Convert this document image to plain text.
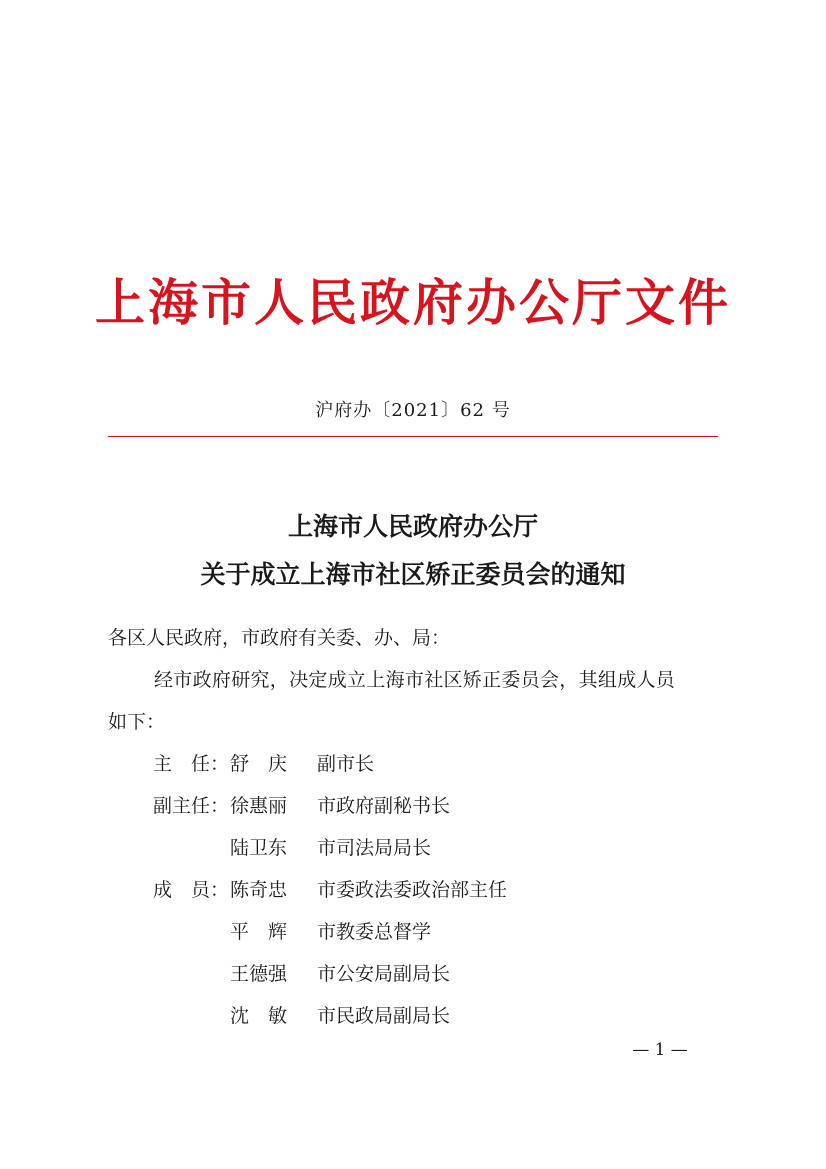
上海市人民政府办公厅文件
沪府办〔2021〕62 号
上海市人民政府办公厅
关于成立上海市社区矫正委员会的通知
各区人民政府，市政府有关委、办、局：
经市政府研究，决定成立上海市社区矫正委员会，其组成人员
如下：
主　任： 舒　庆	副市长
副主任： 徐惠丽	市政府副秘书长
陆卫东	市司法局局长
成　员： 陈奇忠	市委政法委政治部主任
平　辉	市教委总督学
王德强	市公安局副局长
沈　敏	市民政局副局长
— 1 —
